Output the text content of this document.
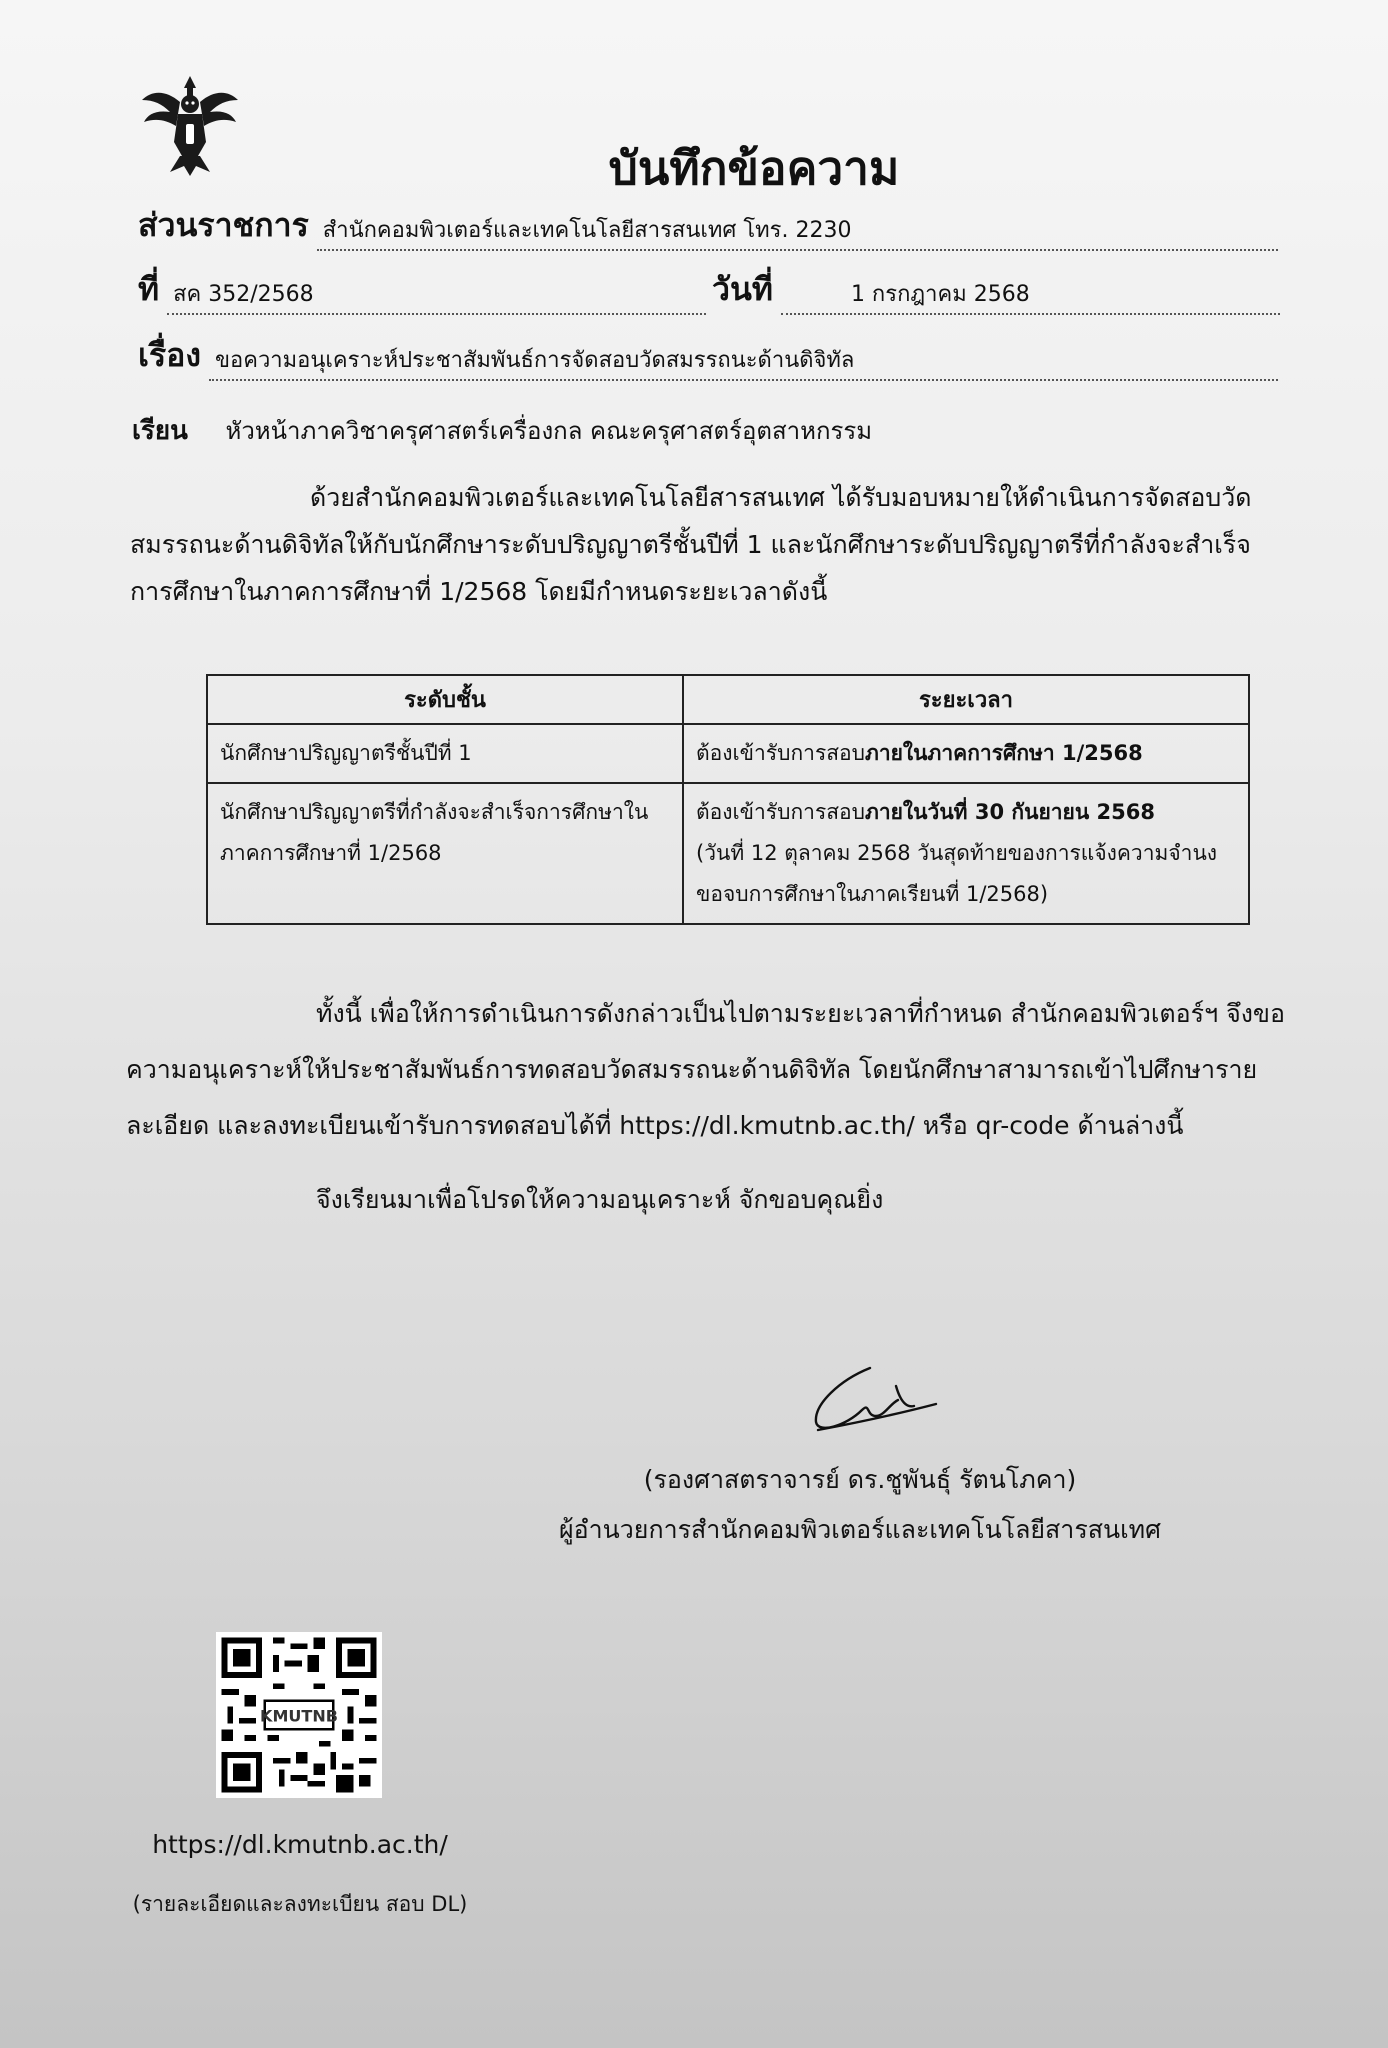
บันทึกข้อความ
ส่วนราชการ สำนักคอมพิวเตอร์และเทคโนโลยีสารสนเทศ โทร. 2230
ที่ สค 352/2568	วันที่	1 กรกฎาคม 2568
เรื่อง ขอความอนุเคราะห์ประชาสัมพันธ์การจัดสอบวัดสมรรถนะด้านดิจิทัล
เรียน หัวหน้าภาควิชาครุศาสตร์เครื่องกล คณะครุศาสตร์อุตสาหกรรม
ด้วยสำนักคอมพิวเตอร์และเทคโนโลยีสารสนเทศ ได้รับมอบหมายให้ดำเนินการจัดสอบวัดสมรรถนะด้านดิจิทัลให้กับนักศึกษาระดับปริญญาตรีชั้นปีที่ 1 และนักศึกษาระดับปริญญาตรีที่กำลังจะสำเร็จการศึกษาในภาคการศึกษาที่ 1/2568 โดยมีกำหนดระยะเวลาดังนี้
ระดับชั้น	ระยะเวลา
นักศึกษาปริญญาตรีชั้นปีที่ 1	ต้องเข้ารับการสอบภายในภาคการศึกษา 1/2568
นักศึกษาปริญญาตรีที่กำลังจะสำเร็จการศึกษาในภาคการศึกษาที่ 1/2568	ต้องเข้ารับการสอบภายในวันที่ 30 กันยายน 2568
(วันที่ 12 ตุลาคม 2568 วันสุดท้ายของการแจ้งความจำนงขอจบการศึกษาในภาคเรียนที่ 1/2568)
ทั้งนี้ เพื่อให้การดำเนินการดังกล่าวเป็นไปตามระยะเวลาที่กำหนด สำนักคอมพิวเตอร์ฯ จึงขอความอนุเคราะห์ให้ประชาสัมพันธ์การทดสอบวัดสมรรถนะด้านดิจิทัล โดยนักศึกษาสามารถเข้าไปศึกษารายละเอียด และลงทะเบียนเข้ารับการทดสอบได้ที่ https://dl.kmutnb.ac.th/ หรือ qr-code ด้านล่างนี้
จึงเรียนมาเพื่อโปรดให้ความอนุเคราะห์ จักขอบคุณยิ่ง
(รองศาสตราจารย์ ดร.ชูพันธุ์ รัตนโภคา)
ผู้อำนวยการสำนักคอมพิวเตอร์และเทคโนโลยีสารสนเทศ
KMUTNB
https://dl.kmutnb.ac.th/
(รายละเอียดและลงทะเบียน สอบ DL)
